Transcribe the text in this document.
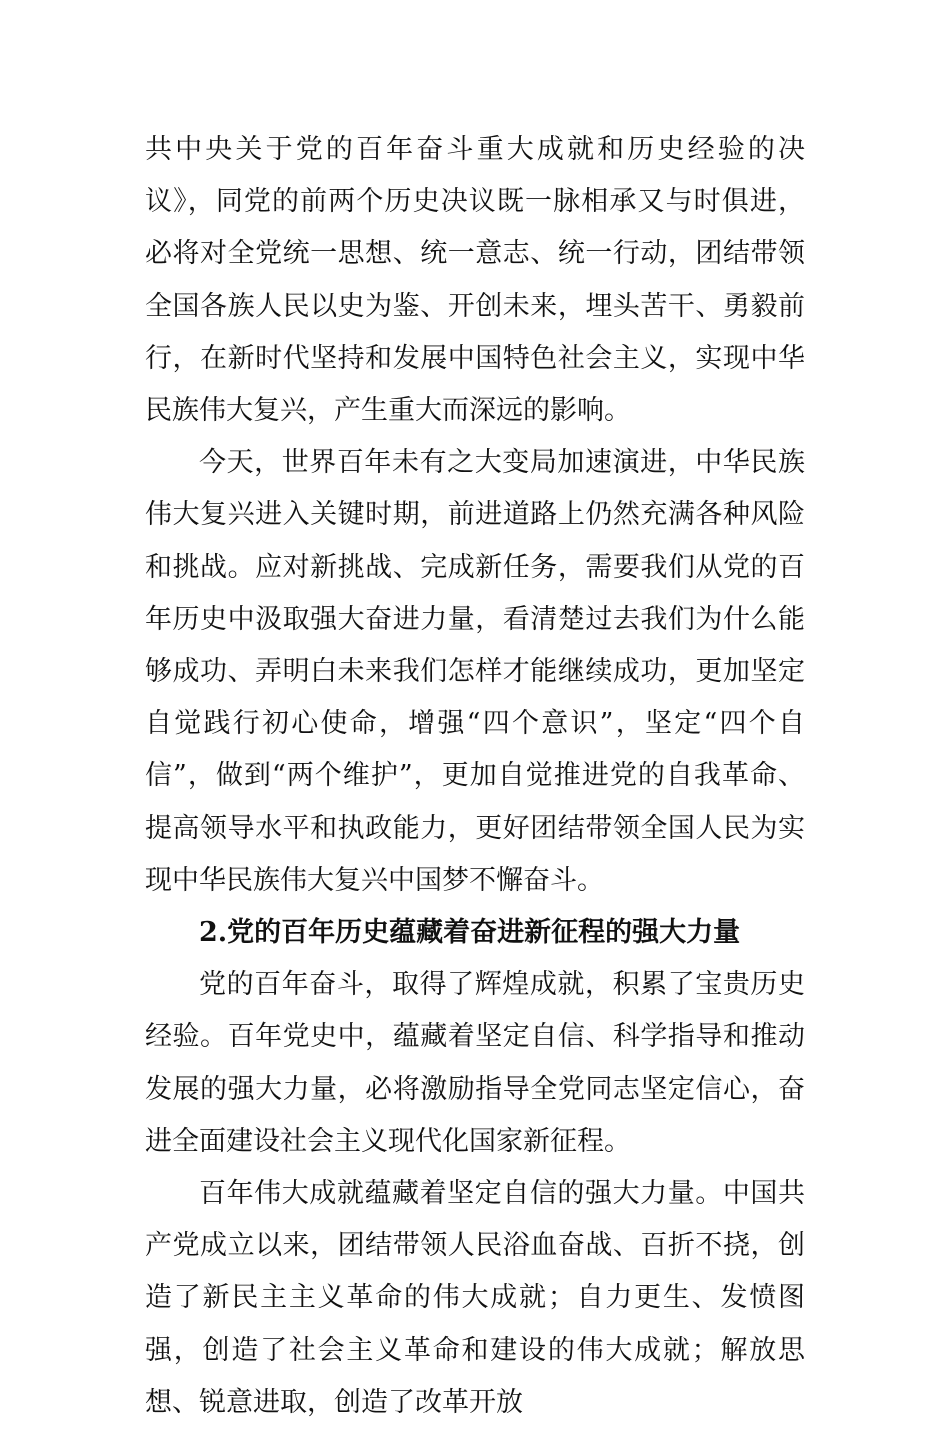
共中央关于党的百年奋斗重大成就和历史经验的决议》，同党的前两个历史决议既一脉相承又与时俱进，必将对全党统一思想、统一意志、统一行动，团结带领全国各族人民以史为鉴、开创未来，埋头苦干、勇毅前行，在新时代坚持和发展中国特色社会主义，实现中华民族伟大复兴，产生重大而深远的影响。

今天，世界百年未有之大变局加速演进，中华民族伟大复兴进入关键时期，前进道路上仍然充满各种风险和挑战。应对新挑战、完成新任务，需要我们从党的百年历史中汲取强大奋进力量，看清楚过去我们为什么能够成功、弄明白未来我们怎样才能继续成功，更加坚定自觉践行初心使命，增强“四个意识”，坚定“四个自信”，做到“两个维护”，更加自觉推进党的自我革命、提高领导水平和执政能力，更好团结带领全国人民为实现中华民族伟大复兴中国梦不懈奋斗。

2.党的百年历史蕴藏着奋进新征程的强大力量

党的百年奋斗，取得了辉煌成就，积累了宝贵历史经验。百年党史中，蕴藏着坚定自信、科学指导和推动发展的强大力量，必将激励指导全党同志坚定信心，奋进全面建设社会主义现代化国家新征程。

百年伟大成就蕴藏着坚定自信的强大力量。中国共产党成立以来，团结带领人民浴血奋战、百折不挠，创造了新民主主义革命的伟大成就；自力更生、发愤图强，创造了社会主义革命和建设的伟大成就；解放思想、锐意进取，创造了改革开放
